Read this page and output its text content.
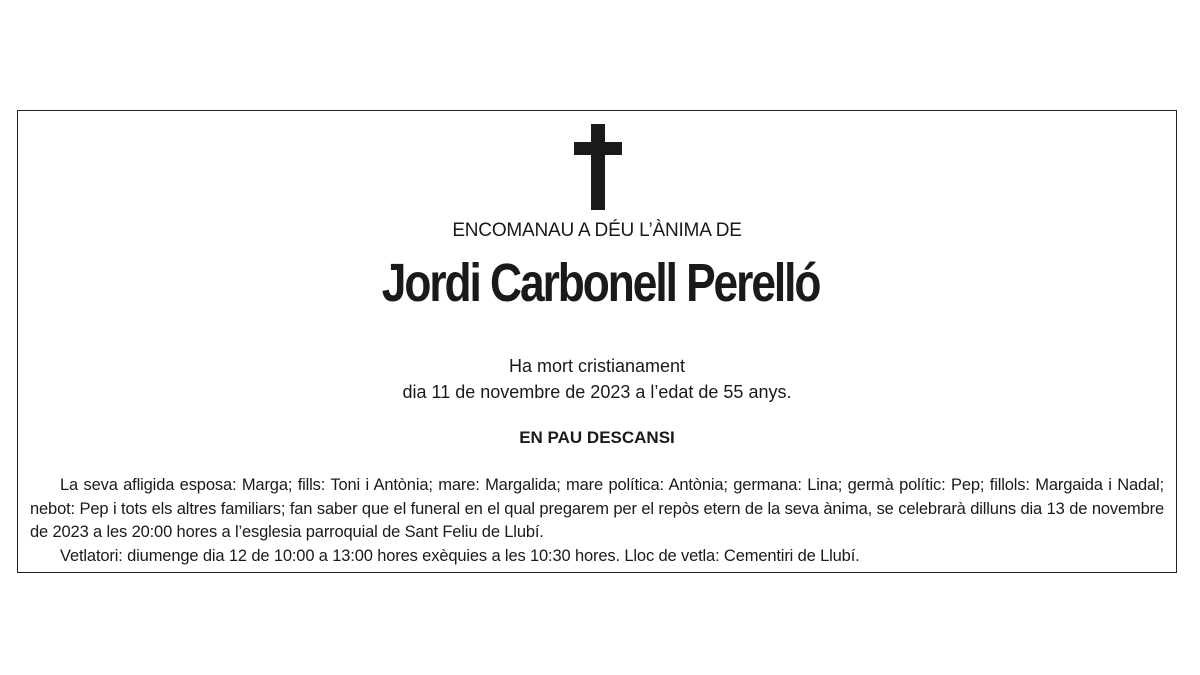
ENCOMANAU A DÉU L’ÀNIMA DE
Jordi Carbonell Perelló
Ha mort cristianament
dia 11 de novembre de 2023 a l’edat de 55 anys.
EN PAU DESCANSI

La seva afligida esposa: Marga; fills: Toni i Antònia; mare: Margalida; mare política: Antònia; germana: Lina; germà polític: Pep; fillols: Margaida i Nadal; nebot: Pep i tots els altres familiars; fan saber que el funeral en el qual pregarem per el repòs etern de la seva ànima, se celebrarà dilluns dia 13 de novembre de 2023 a les 20:00 hores a l’esglesia parroquial de Sant Feliu de Llubí.

Vetlatori: diumenge dia 12 de 10:00 a 13:00 hores exèquies a les 10:30 hores. Lloc de vetla: Cementiri de Llubí.
